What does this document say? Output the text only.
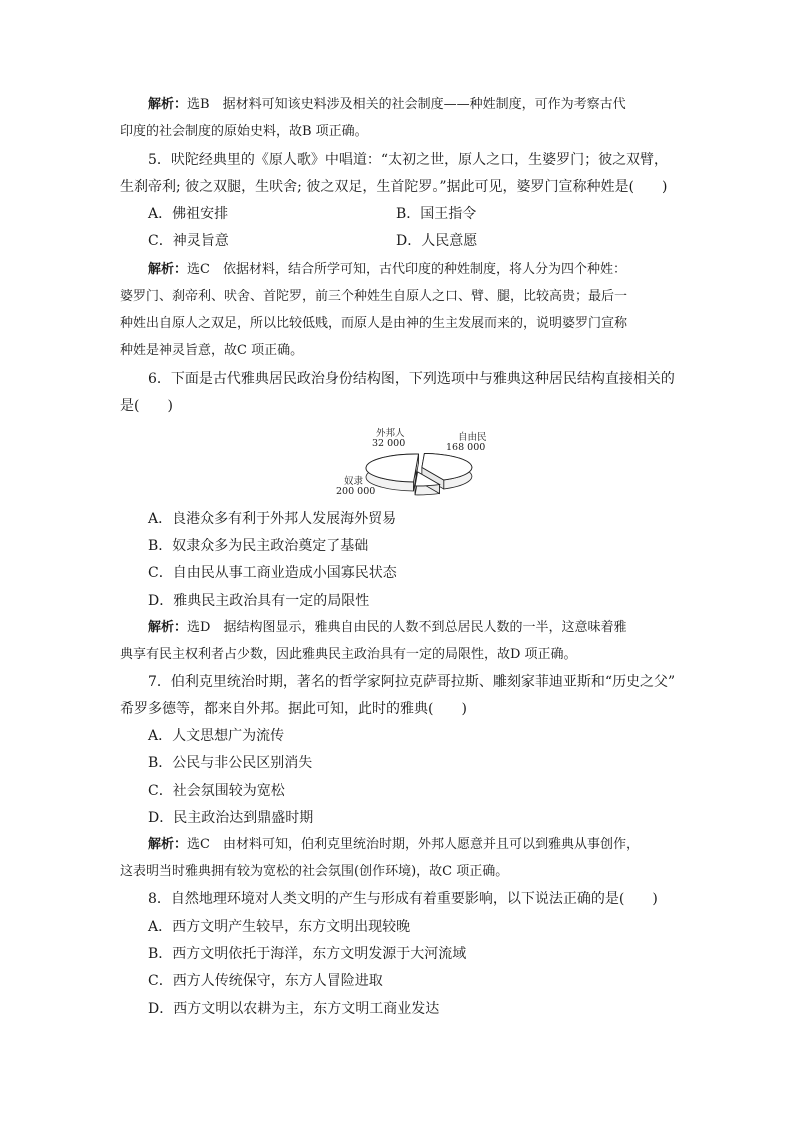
解析：选B　据材料可知该史料涉及相关的社会制度——种姓制度，可作为考察古代
印度的社会制度的原始史料，故B 项正确。
5．吠陀经典里的《原人歌》中唱道：“太初之世，原人之口，生婆罗门；彼之双臂，
生刹帝利; 彼之双腿，生吠舍; 彼之双足，生首陀罗。”据此可见，婆罗门宣称种姓是(　　)
A．佛祖安排	B．国王指令
C．神灵旨意	D．人民意愿
解析：选C　依据材料，结合所学可知，古代印度的种姓制度，将人分为四个种姓：
婆罗门、刹帝利、吠舍、首陀罗，前三个种姓生自原人之口、臂、腿，比较高贵；最后一
种姓出自原人之双足，所以比较低贱，而原人是由神的生主发展而来的，说明婆罗门宣称
种姓是神灵旨意，故C 项正确。
6．下面是古代雅典居民政治身份结构图，下列选项中与雅典这种居民结构直接相关的
是(　　)
自由民
168 000
外邦人
32 000
奴隶
200 000
A．良港众多有利于外邦人发展海外贸易
B．奴隶众多为民主政治奠定了基础
C．自由民从事工商业造成小国寡民状态
D．雅典民主政治具有一定的局限性
解析：选D　据结构图显示，雅典自由民的人数不到总居民人数的一半，这意味着雅
典享有民主权利者占少数，因此雅典民主政治具有一定的局限性，故D 项正确。
7．伯利克里统治时期，著名的哲学家阿拉克萨哥拉斯、雕刻家菲迪亚斯和“历史之父”
希罗多德等，都来自外邦。据此可知，此时的雅典(　　)
A．人文思想广为流传
B．公民与非公民区别消失
C．社会氛围较为宽松
D．民主政治达到鼎盛时期
解析：选C　由材料可知，伯利克里统治时期，外邦人愿意并且可以到雅典从事创作，
这表明当时雅典拥有较为宽松的社会氛围(创作环境)，故C 项正确。
8．自然地理环境对人类文明的产生与形成有着重要影响，以下说法正确的是(　　)
A．西方文明产生较早，东方文明出现较晚
B．西方文明依托于海洋，东方文明发源于大河流域
C．西方人传统保守，东方人冒险进取
D．西方文明以农耕为主，东方文明工商业发达
